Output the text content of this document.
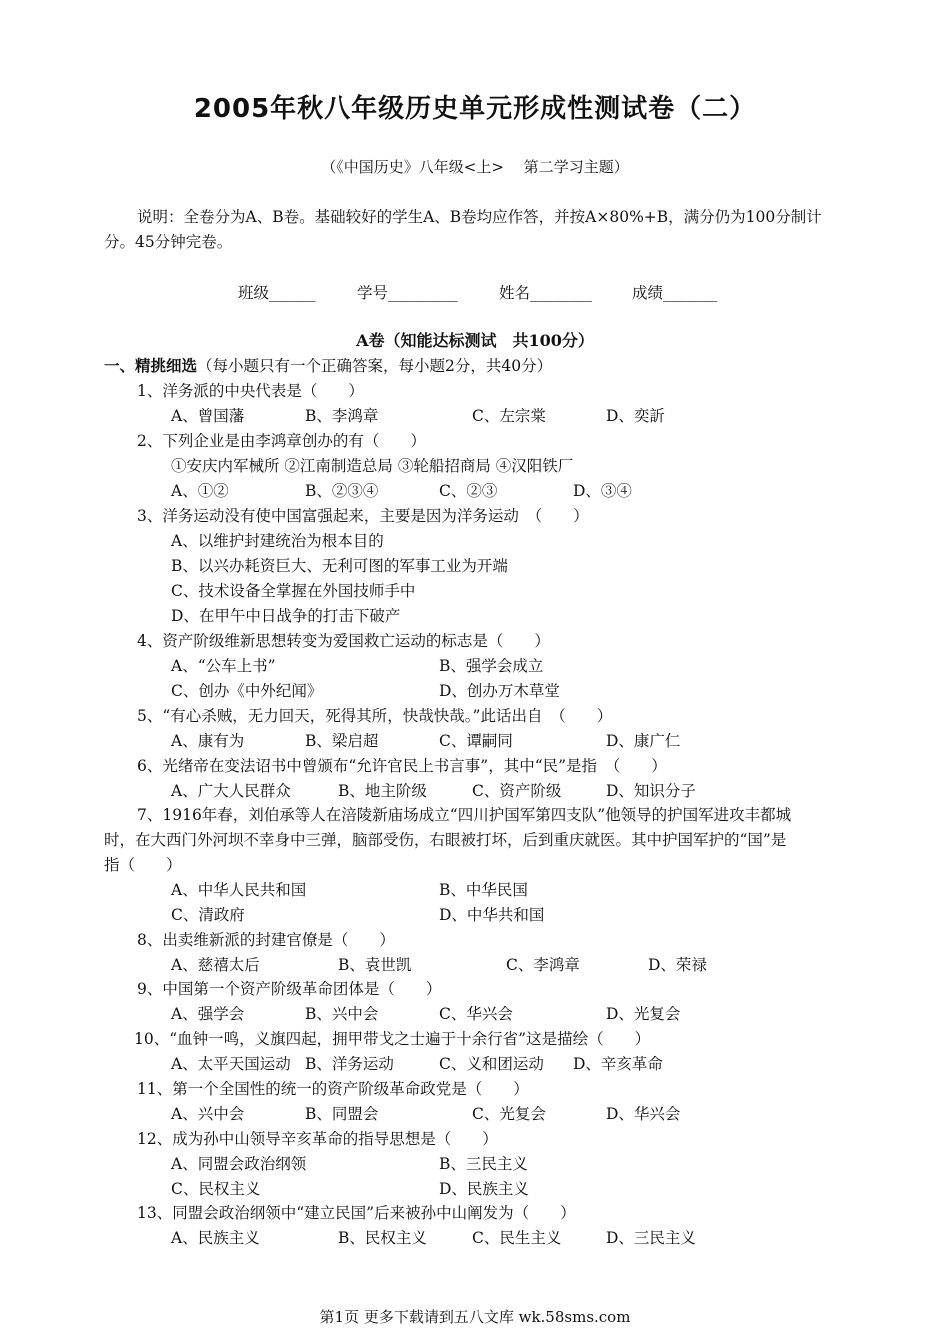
2005年秋八年级历史单元形成性测试卷（二）
（《中国历史》八年级<上>　 第二学习主题）
说明：全卷分为A、B卷。基础较好的学生A、B卷均应作答，并按A×80%+B，满分仍为100分制计
分。45分钟完卷。
班级______	学号_________	姓名________	成绩_______
A卷（知能达标测试　共100分）
一、精挑细选（每小题只有一个正确答案，每小题2分，共40分）
1、洋务派的中央代表是（　　）
A、曾国藩	B、李鸿章	C、左宗棠	D、奕訢
2、下列企业是由李鸿章创办的有（　　）
①安庆内军械所 ②江南制造总局 ③轮船招商局 ④汉阳铁厂
A、①②	B、②③④	C、②③	D、③④
3、洋务运动没有使中国富强起来，主要是因为洋务运动　（　　）
A、以维护封建统治为根本目的
B、以兴办耗资巨大、无利可图的军事工业为开端
C、技术设备全掌握在外国技师手中
D、在甲午中日战争的打击下破产
4、资产阶级维新思想转变为爱国救亡运动的标志是（　　）
A、“公车上书”	B、强学会成立
C、创办《中外纪闻》	D、创办万木草堂
5、“有心杀贼，无力回天，死得其所，快哉快哉。”此话出自　（　　）
A、康有为	B、梁启超	C、谭嗣同	D、康广仁
6、光绪帝在变法诏书中曾颁布“允许官民上书言事”，其中“民”是指　（　　）
A、广大人民群众	B、地主阶级	C、资产阶级	D、知识分子
7、1916年春，刘伯承等人在涪陵新庙场成立“四川护国军第四支队”他领导的护国军进攻丰都城
时，在大西门外河坝不幸身中三弹，脑部受伤，右眼被打坏，后到重庆就医。其中护国军护的“国”是
指（　　）
A、中华人民共和国	B、中华民国
C、清政府	D、中华共和国
8、出卖维新派的封建官僚是（　　）
A、慈禧太后	B、袁世凯	C、李鸿章	D、荣禄
9、中国第一个资产阶级革命团体是（　　）
A、强学会	B、兴中会	C、华兴会	D、光复会
10、“血钟一鸣，义旗四起，拥甲带戈之士遍于十余行省”这是描绘（　　）
A、太平天国运动 B、洋务运动	C、义和团运动 D、辛亥革命
11、第一个全国性的统一的资产阶级革命政党是（　　）
A、兴中会	B、同盟会	C、光复会	D、华兴会
12、成为孙中山领导辛亥革命的指导思想是（　　）
A、同盟会政治纲领	B、三民主义
C、民权主义	D、民族主义
13、同盟会政治纲领中“建立民国”后来被孙中山阐发为（　　）
A、民族主义	B、民权主义	C、民生主义	D、三民主义
第1页 更多下载请到五八文库 wk.58sms.com
